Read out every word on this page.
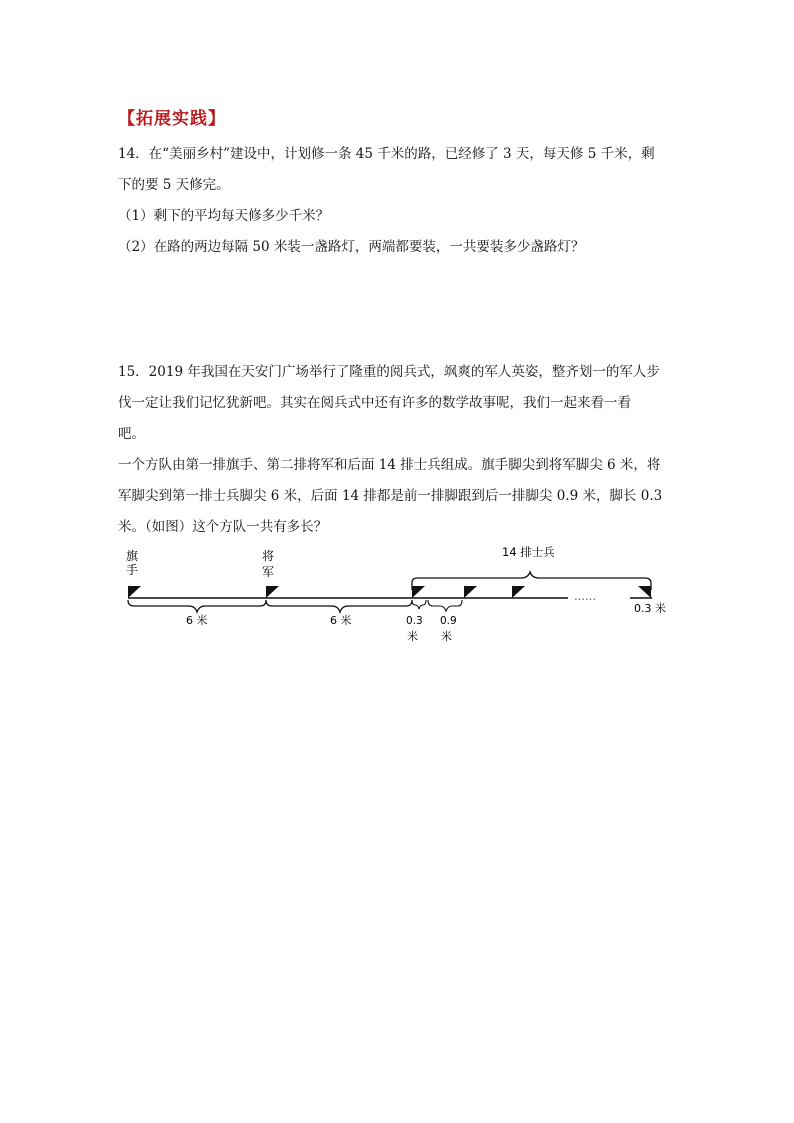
【拓展实践】
14．在“美丽乡村”建设中，计划修一条 45 千米的路，已经修了 3 天，每天修 5 千米，剩
下的要 5 天修完。
（1）剩下的平均每天修多少千米？
（2）在路的两边每隔 50 米装一盏路灯，两端都要装，一共要装多少盏路灯？
15．2019 年我国在天安门广场举行了隆重的阅兵式，飒爽的军人英姿，整齐划一的军人步
伐一定让我们记忆犹新吧。其实在阅兵式中还有许多的数学故事呢，我们一起来看一看
吧。
一个方队由第一排旗手、第二排将军和后面 14 排士兵组成。旗手脚尖到将军脚尖 6 米，将
军脚尖到第一排士兵脚尖 6 米，后面 14 排都是前一排脚跟到后一排脚尖 0.9 米，脚长 0.3
米。（如图）这个方队一共有多长？
旗
手
将
军
14 排士兵
6 米	6 米	0.3
米
0.9
米
……
0.3 米
